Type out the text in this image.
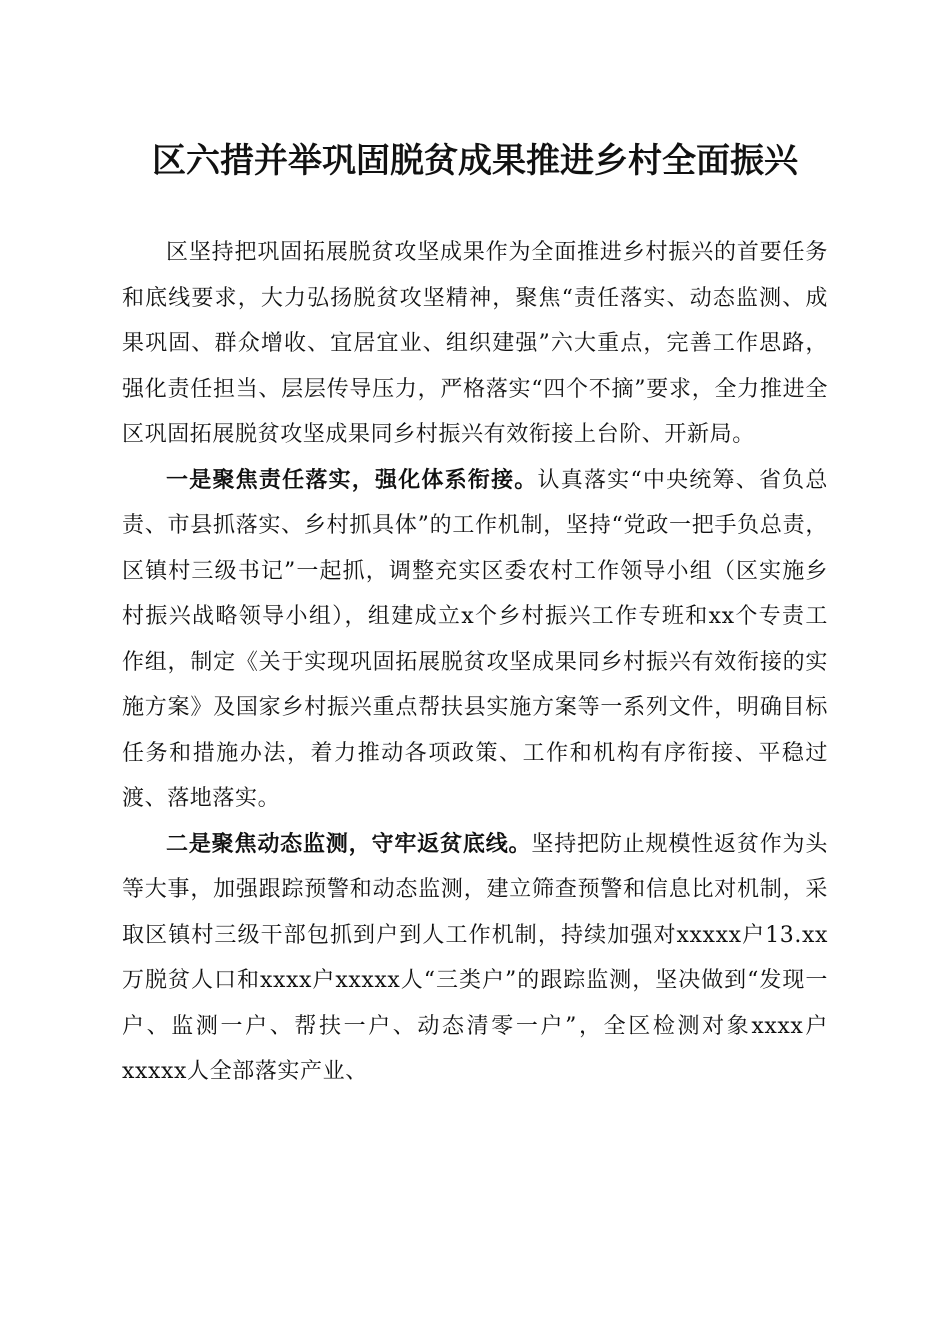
区六措并举巩固脱贫成果推进乡村全面振兴

区坚持把巩固拓展脱贫攻坚成果作为全面推进乡村振兴的首要任务和底线要求，大力弘扬脱贫攻坚精神，聚焦“责任落实、动态监测、成果巩固、群众增收、宜居宜业、组织建强”六大重点，完善工作思路，强化责任担当、层层传导压力，严格落实“四个不摘”要求，全力推进全区巩固拓展脱贫攻坚成果同乡村振兴有效衔接上台阶、开新局。

一是聚焦责任落实，强化体系衔接。认真落实“中央统筹、省负总责、市县抓落实、乡村抓具体”的工作机制，坚持“党政一把手负总责，区镇村三级书记”一起抓，调整充实区委农村工作领导小组（区实施乡村振兴战略领导小组），组建成立x个乡村振兴工作专班和xx个专责工作组，制定《关于实现巩固拓展脱贫攻坚成果同乡村振兴有效衔接的实施方案》及国家乡村振兴重点帮扶县实施方案等一系列文件，明确目标任务和措施办法，着力推动各项政策、工作和机构有序衔接、平稳过渡、落地落实。

二是聚焦动态监测，守牢返贫底线。坚持把防止规模性返贫作为头等大事，加强跟踪预警和动态监测，建立筛查预警和信息比对机制，采取区镇村三级干部包抓到户到人工作机制，持续加强对xxxxx户13.xx万脱贫人口和xxxx户xxxxx人“三类户”的跟踪监测，坚决做到“发现一户、监测一户、帮扶一户、动态清零一户”，全区检测对象xxxx户xxxxx人全部落实产业、
